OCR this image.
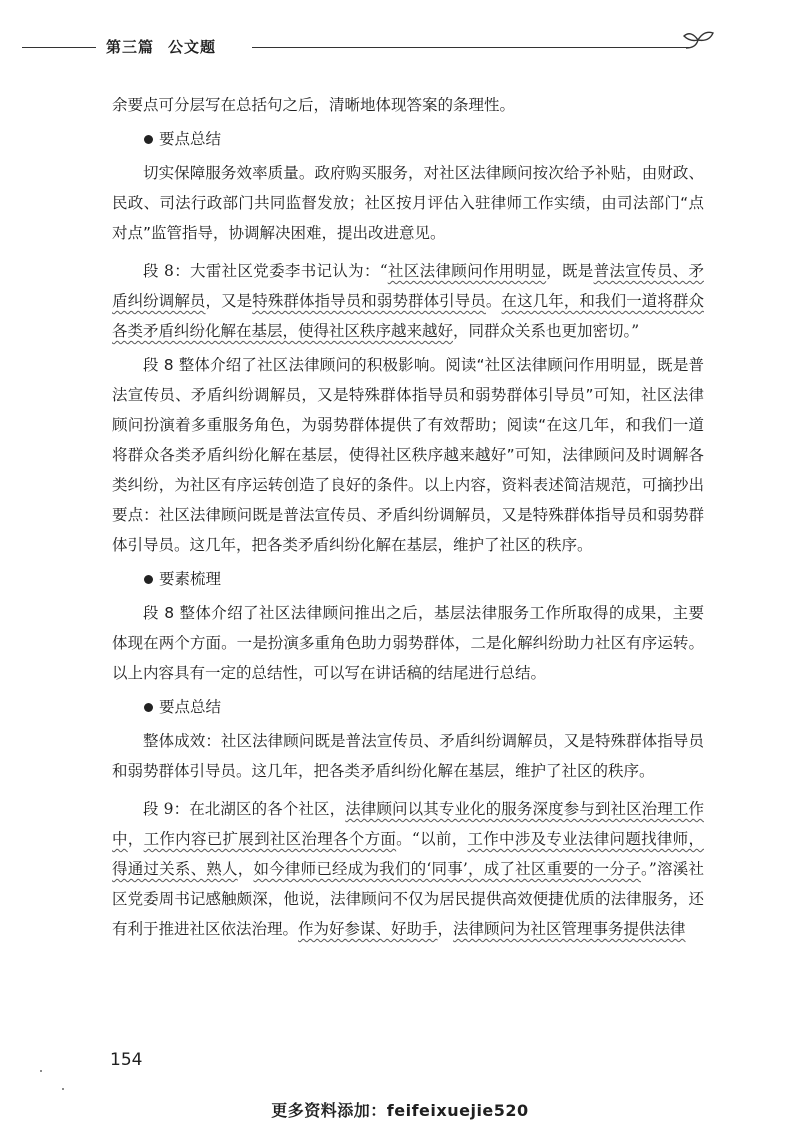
第三篇 公文题

余要点可分层写在总括句之后，清晰地体现答案的条理性。

要点总结

切实保障服务效率质量。政府购买服务，对社区法律顾问按次给予补贴，由财政、民政、司法行政部门共同监督发放；社区按月评估入驻律师工作实绩，由司法部门“点对点”监管指导，协调解决困难，提出改进意见。

段 8：大雷社区党委李书记认为：“社区法律顾问作用明显，既是普法宣传员、矛盾纠纷调解员，又是特殊群体指导员和弱势群体引导员。在这几年，和我们一道将群众各类矛盾纠纷化解在基层，使得社区秩序越来越好，同群众关系也更加密切。”

段 8 整体介绍了社区法律顾问的积极影响。阅读“社区法律顾问作用明显，既是普法宣传员、矛盾纠纷调解员，又是特殊群体指导员和弱势群体引导员”可知，社区法律顾问扮演着多重服务角色，为弱势群体提供了有效帮助；阅读“在这几年，和我们一道将群众各类矛盾纠纷化解在基层，使得社区秩序越来越好”可知，法律顾问及时调解各类纠纷，为社区有序运转创造了良好的条件。以上内容，资料表述简洁规范，可摘抄出要点：社区法律顾问既是普法宣传员、矛盾纠纷调解员，又是特殊群体指导员和弱势群体引导员。这几年，把各类矛盾纠纷化解在基层，维护了社区的秩序。

要素梳理

段 8 整体介绍了社区法律顾问推出之后，基层法律服务工作所取得的成果，主要体现在两个方面。一是扮演多重角色助力弱势群体，二是化解纠纷助力社区有序运转。以上内容具有一定的总结性，可以写在讲话稿的结尾进行总结。

要点总结

整体成效：社区法律顾问既是普法宣传员、矛盾纠纷调解员，又是特殊群体指导员和弱势群体引导员。这几年，把各类矛盾纠纷化解在基层，维护了社区的秩序。

段 9：在北湖区的各个社区，法律顾问以其专业化的服务深度参与到社区治理工作中，工作内容已扩展到社区治理各个方面。“以前，工作中涉及专业法律问题找律师，得通过关系、熟人，如今律师已经成为我们的‘同事’，成了社区重要的一分子。”溶溪社区党委周书记感触颇深，他说，法律顾问不仅为居民提供高效便捷优质的法律服务，还有利于推进社区依法治理。作为好参谋、好助手，法律顾问为社区管理事务提供法律

154
更多资料添加：feifeixuejie520
